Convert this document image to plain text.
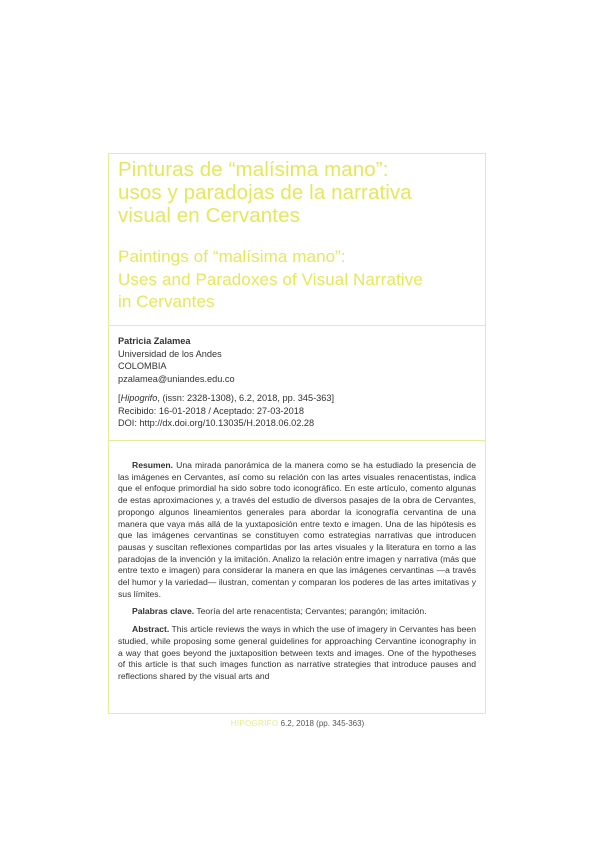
Pinturas de “malísima mano”:
usos y paradojas de la narrativa
visual en Cervantes
Paintings of “malísima mano”:
Uses and Paradoxes of Visual Narrative
in Cervantes
Patricia Zalamea
Universidad de los Andes
COLOMBIA
pzalamea@uniandes.edu.co
[Hipogrifo, (issn: 2328-1308), 6.2, 2018, pp. 345-363]
Recibido: 16-01-2018 / Aceptado: 27-03-2018
DOI: http://dx.doi.org/10.13035/H.2018.06.02.28

Resumen. Una mirada panorámica de la manera como se ha estudiado la presencia de las imágenes en Cervantes, así como su relación con las artes visuales renacentistas, indica que el enfoque primordial ha sido sobre todo iconográfico. En este artículo, comento algunas de estas aproximaciones y, a través del estudio de diversos pasajes de la obra de Cervantes, propongo algunos lineamientos generales para abordar la iconografía cervantina de una manera que vaya más allá de la yuxtaposición entre texto e imagen. Una de las hipótesis es que las imágenes cervantinas se constituyen como estrategias narrativas que introducen pausas y suscitan reflexiones compartidas por las artes visuales y la literatura en torno a las paradojas de la invención y la imitación. Analizo la relación entre imagen y narrativa (más que entre texto e imagen) para considerar la manera en que las imágenes cervantinas —a través del humor y la variedad— ilustran, comentan y comparan los poderes de las artes imitativas y sus límites.

Palabras clave. Teoría del arte renacentista; Cervantes; parangón; imitación.

Abstract. This article reviews the ways in which the use of imagery in Cervantes has been studied, while proposing some general guidelines for approaching Cervantine iconography in a way that goes beyond the juxtaposition between texts and images. One of the hypotheses of this article is that such images function as narrative strategies that introduce pauses and reflections shared by the visual arts and

HIPOGRIFO 6.2, 2018 (pp. 345-363)
